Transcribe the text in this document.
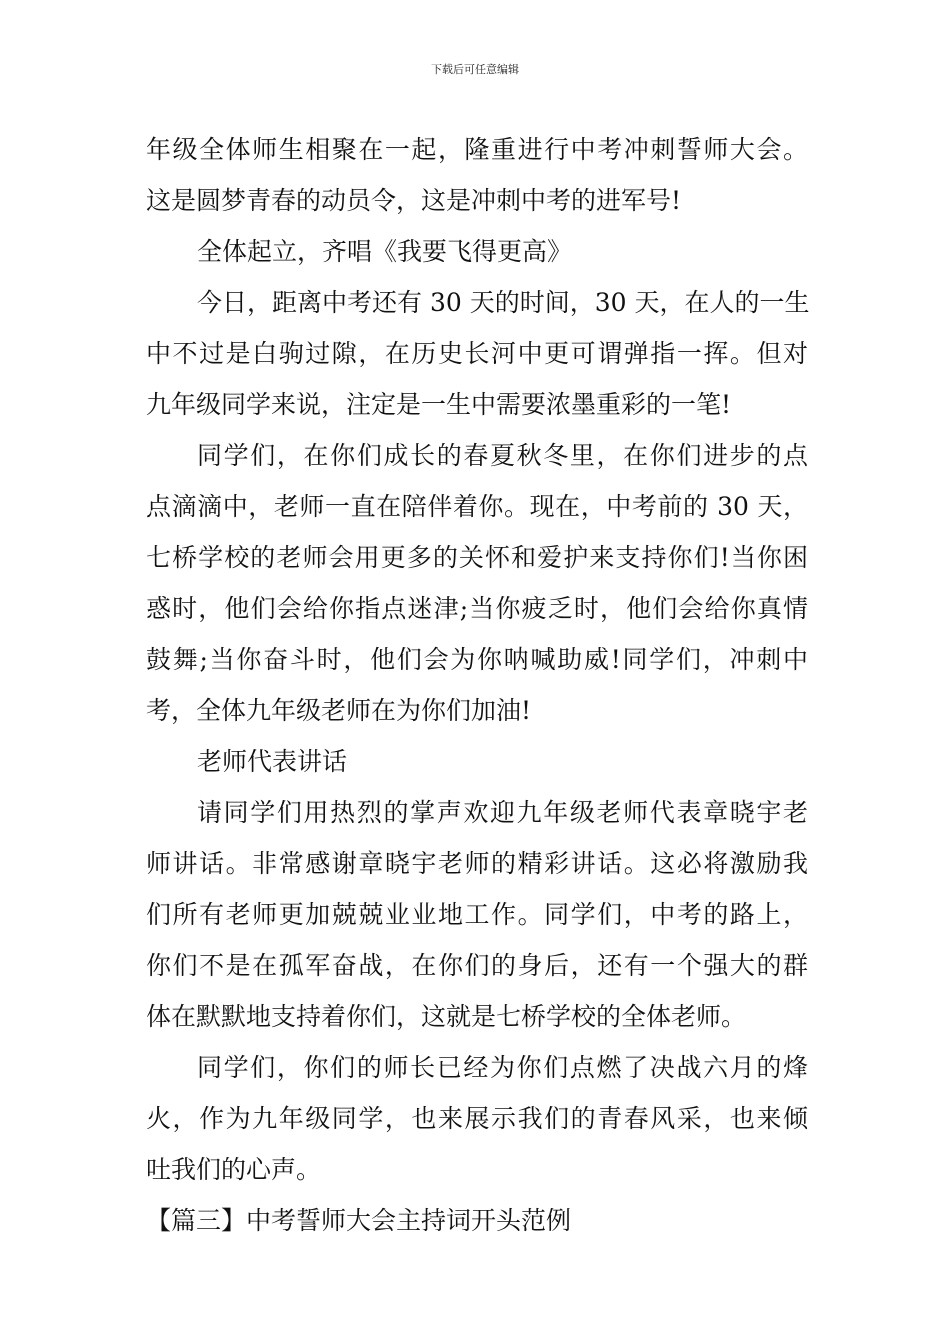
下载后可任意编辑
年级全体师生相聚在一起，隆重进行中考冲刺誓师大会。
这是圆梦青春的动员令，这是冲刺中考的进军号!
全体起立，齐唱《我要飞得更高》
今日，距离中考还有 30 天的时间，30 天，在人的一生
中不过是白驹过隙，在历史长河中更可谓弹指一挥。但对
九年级同学来说，注定是一生中需要浓墨重彩的一笔!
同学们，在你们成长的春夏秋冬里，在你们进步的点
点滴滴中，老师一直在陪伴着你。现在，中考前的 30 天，
七桥学校的老师会用更多的关怀和爱护来支持你们!当你困
惑时，他们会给你指点迷津;当你疲乏时，他们会给你真情
鼓舞;当你奋斗时，他们会为你呐喊助威!同学们，冲刺中
考，全体九年级老师在为你们加油!
老师代表讲话
请同学们用热烈的掌声欢迎九年级老师代表章晓宇老
师讲话。非常感谢章晓宇老师的精彩讲话。这必将激励我
们所有老师更加兢兢业业地工作。同学们，中考的路上，
你们不是在孤军奋战，在你们的身后，还有一个强大的群
体在默默地支持着你们，这就是七桥学校的全体老师。
同学们，你们的师长已经为你们点燃了决战六月的烽
火，作为九年级同学，也来展示我们的青春风采，也来倾
吐我们的心声。
【篇三】中考誓师大会主持词开头范例
